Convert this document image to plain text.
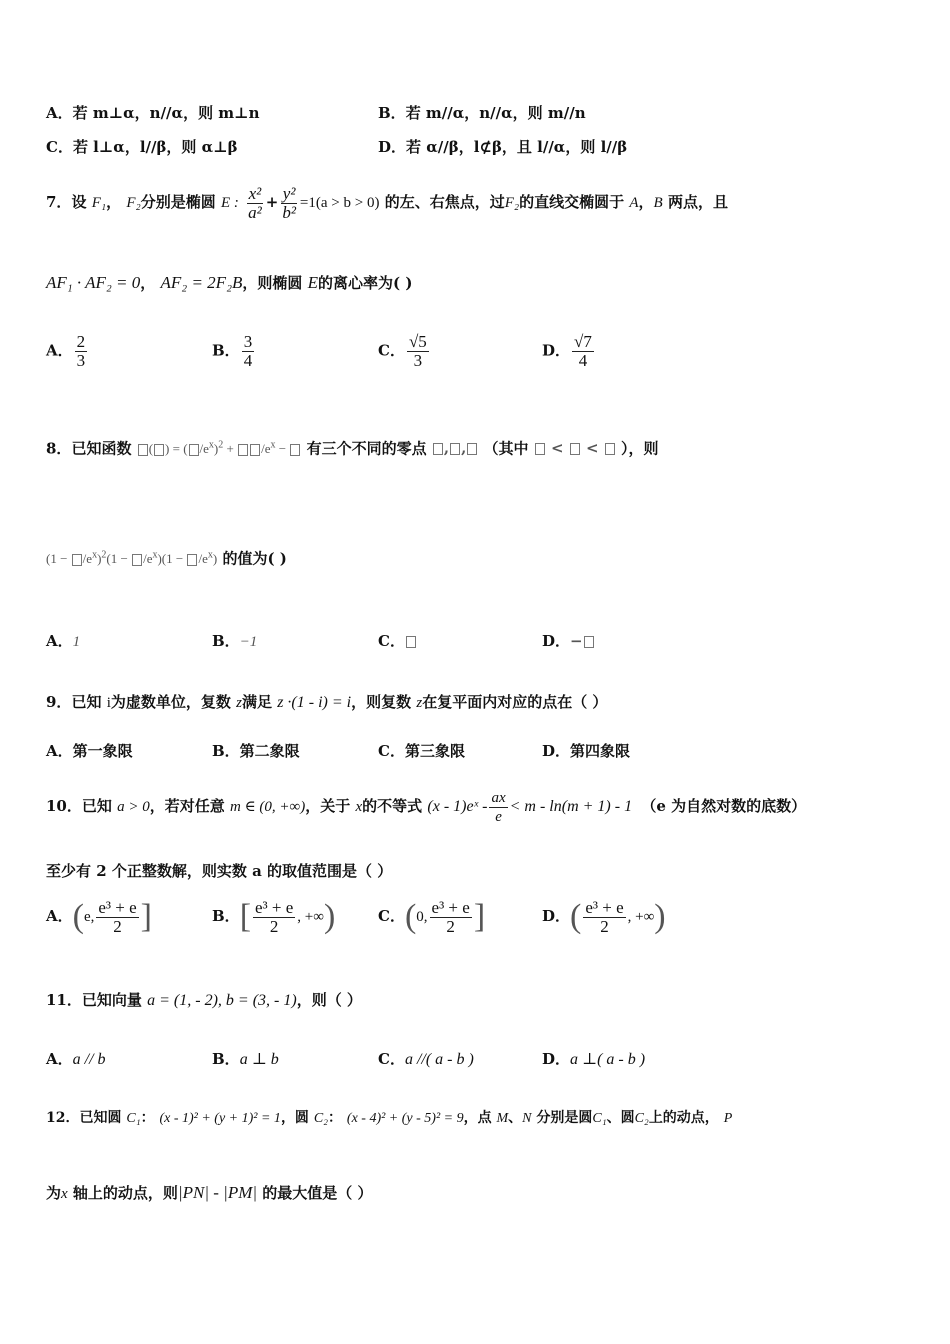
A．若 m⊥α，n//α，则 m⊥n	B．若 m//α，n//α，则 m//n
C．若 l⊥α，l//β，则 α⊥β	D．若 α//β，l⊄β，且 l//α，则 l//β
7．设 F₁， F₂分别是椭圆 E : $\frac{\text{x²}}{\text{a²}} + \frac{\text{y²}}{\text{b²}} =1(a > b > 0)$ 的左、右焦点，过F₂的直线交椭圆于 A，B 两点，且
AF₁ · AF₂ = 0， AF₂ = 2F₂B，则椭圆 E的离心率为( )
A． $\frac{2}{3}$	B． $\frac{3}{4}$	C． $\frac{√5}{3}$	D． $\frac{√7}{4}$
8．已知函数 ( ) = ( $/e^x)^2 + /e^x$ −  有三个不同的零点 , , （其中  <  <  ），则
$(1 - /e^x)^2(1 - /e^x)(1 - /e^x)$ 的值为( )
A．1	B．−1	C．	D．−
9．已知 i为虚数单位，复数 z满足 z ·(1 - i) = i，则复数 z在复平面内对应的点在（ ）
A．第一象限	B．第二象限	C．第三象限	D．第四象限
10．已知 a > 0，若对任意 m ∈ (0, +∞)，关于 x的不等式 (x - 1)eˣ - $\frac{ax}{e} < m - \ln(m + 1) - 1$ （e 为自然对数的底数）
至少有 2 个正整数解，则实数 a 的取值范围是（ ）
A．(e, $\frac{\text{e³ + e}}{2}$ ]	B．[ $\frac{\text{e³ + e}}{2}$ , +∞)	C．(0, $\frac{\text{e³ + e}}{2}$ ]	D．( $\frac{\text{e³ + e}}{2}$ , +∞)
11．已知向量 a = (1, - 2), b = (3, - 1)，则（ ）
A．a // b	B．a ⊥ b	C．a //( a - b )	D．a ⊥( a - b )
12．已知圆 C₁： (x - 1)² + (y + 1)² = 1，圆 C₂： (x - 4)² + (y - 5)² = 9，点 M、N 分别是圆C₁、圆C₂上的动点， P
为x 轴上的动点，则|PN| - |PM| 的最大值是（ ）
